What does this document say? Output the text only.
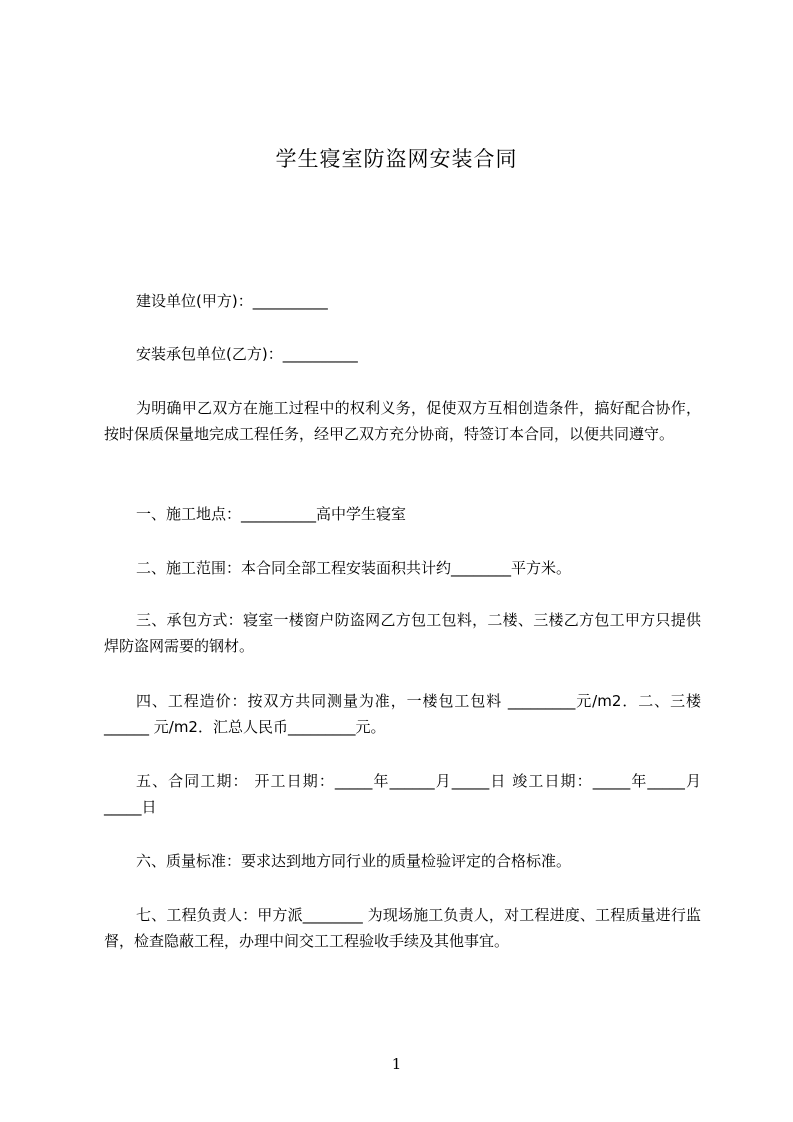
学生寝室防盗网安装合同

建设单位(甲方)：__________

安装承包单位(乙方)：__________

为明确甲乙双方在施工过程中的权利义务，促使双方互相创造条件，搞好配合协作，按时保质保量地完成工程任务，经甲乙双方充分协商，特签订本合同，以便共同遵守。

一、施工地点：__________高中学生寝室

二、施工范围：本合同全部工程安装面积共计约________平方米。

三、承包方式：寝室一楼窗户防盗网乙方包工包料，二楼、三楼乙方包工甲方只提供焊防盗网需要的钢材。

四、工程造价：按双方共同测量为准，一楼包工包料 _________元/m2．二、三楼______ 元/m2．汇总人民币_________元。

五、合同工期： 开工日期：_____年______月_____日 竣工日期：_____年_____月_____日

六、质量标准：要求达到地方同行业的质量检验评定的合格标准。

七、工程负责人：甲方派________ 为现场施工负责人，对工程进度、工程质量进行监督，检查隐蔽工程，办理中间交工工程验收手续及其他事宜。

1
